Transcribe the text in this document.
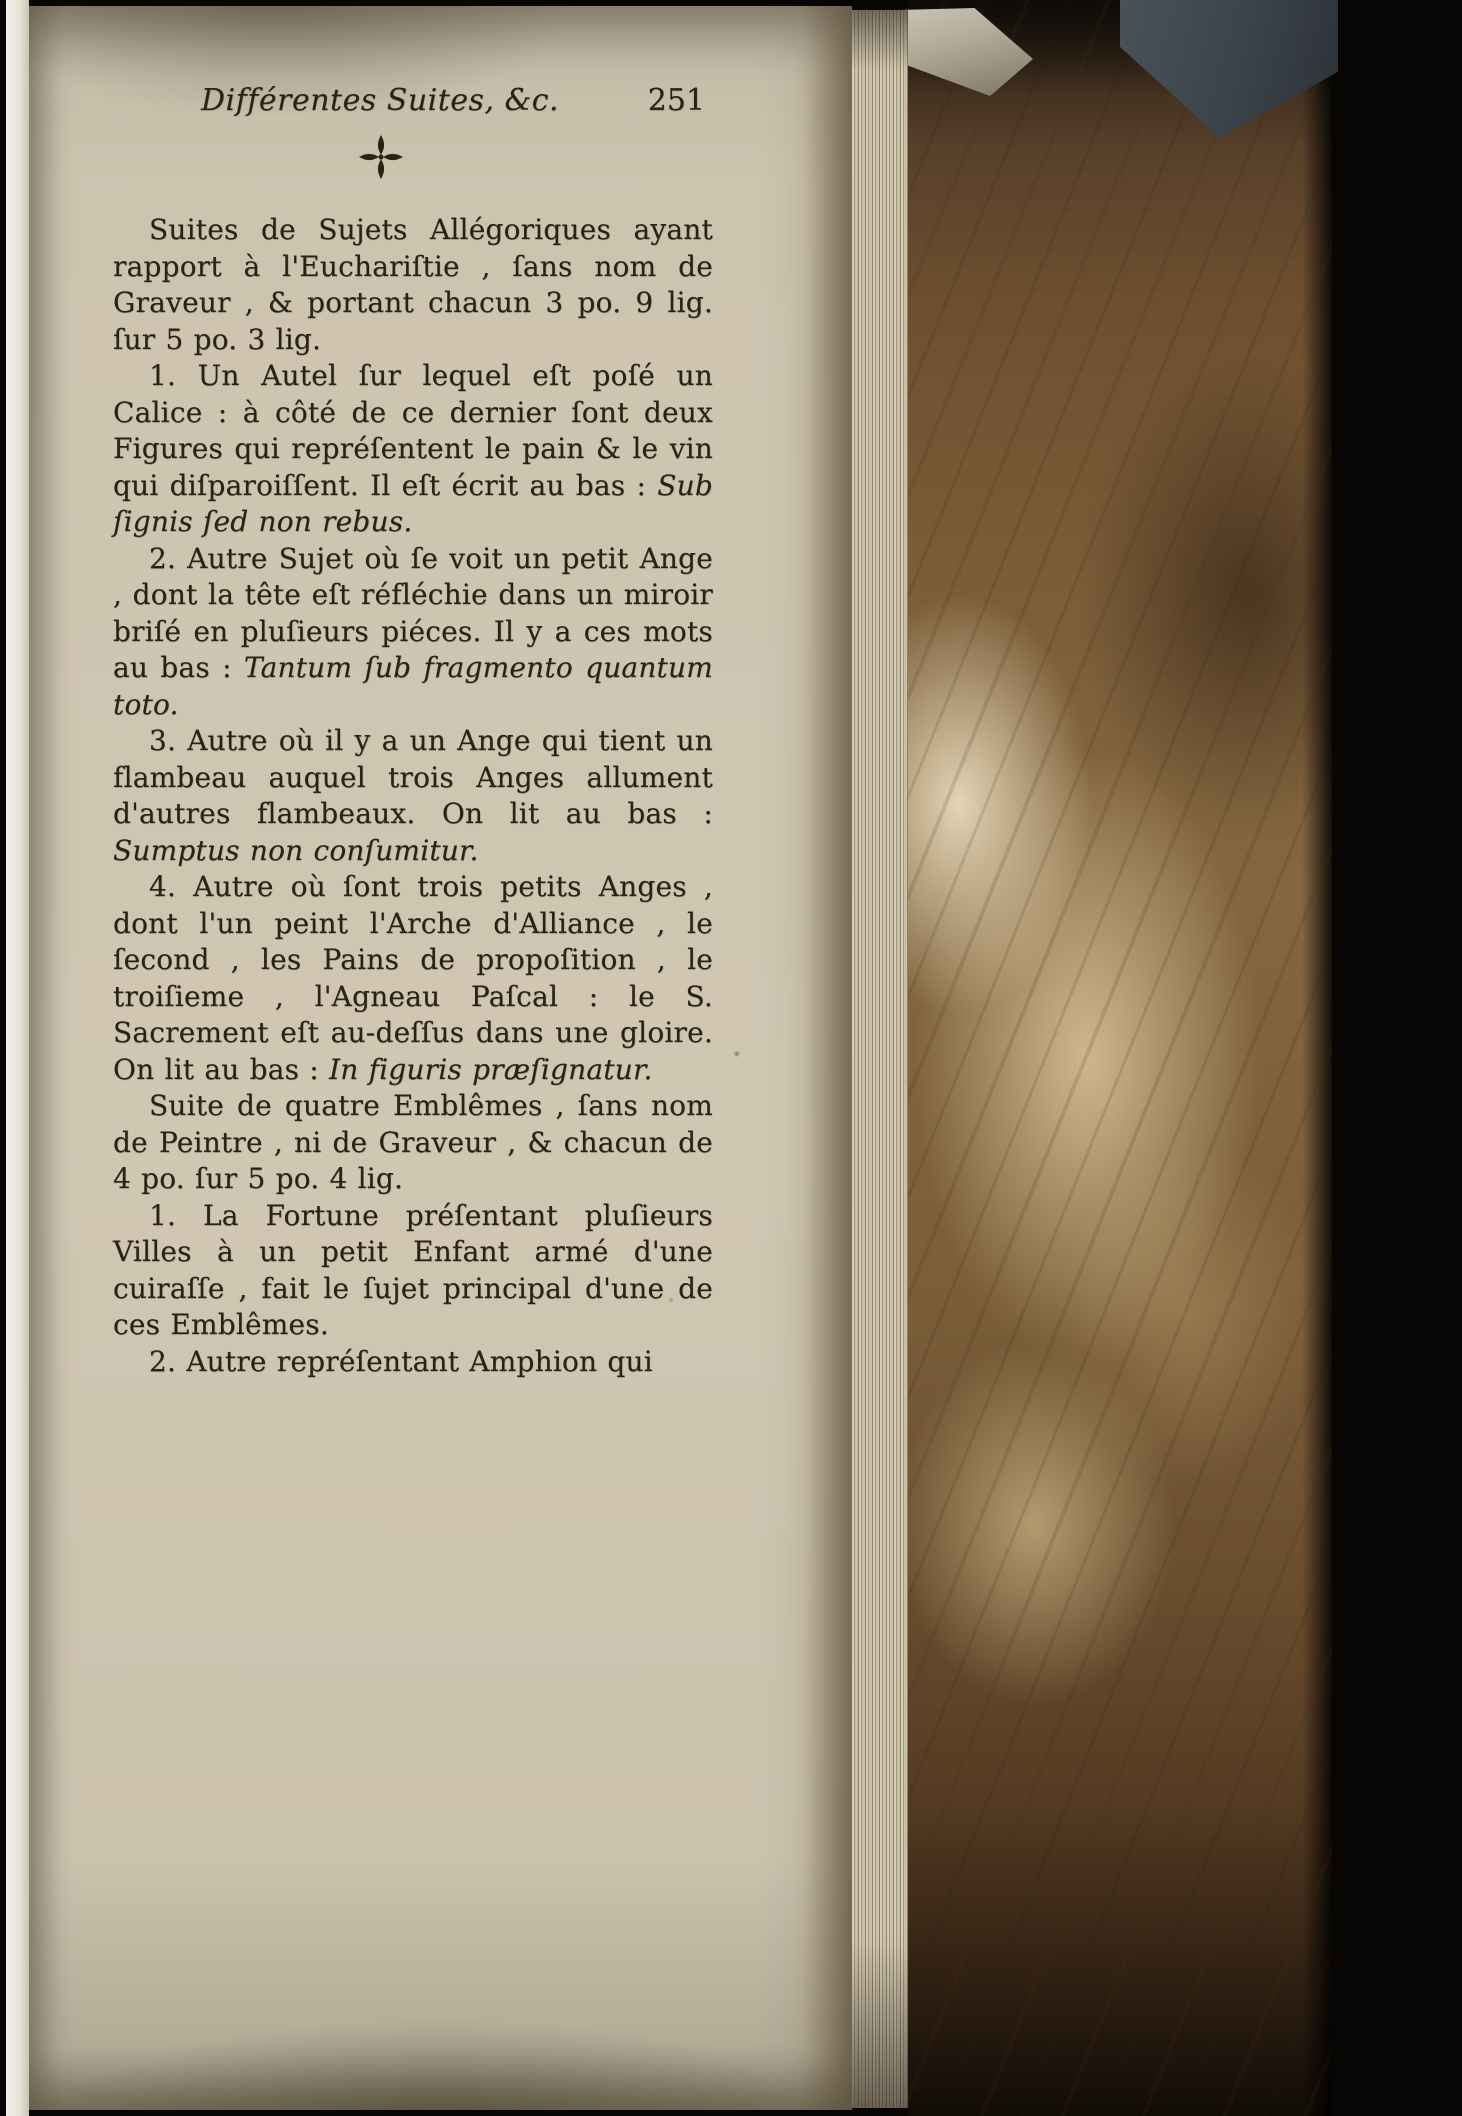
Différentes Suites, &c.	251

Suites de Sujets Allégoriques ayant rapport à l'Euchariſtie , ſans nom de Graveur , & portant chacun 3 po. 9 lig. ſur 5 po. 3 lig.

1. Un Autel ſur lequel eſt poſé un Calice : à côté de ce dernier ſont deux Figures qui repréſentent le pain & le vin qui diſparoiſſent. Il eſt écrit au bas : Sub ſignis ſed non rebus.

2. Autre Sujet où ſe voit un petit Ange , dont la tête eſt réfléchie dans un miroir briſé en pluſieurs piéces. Il y a ces mots au bas : Tantum ſub fragmento quantum toto.

3. Autre où il y a un Ange qui tient un flambeau auquel trois Anges allument d'autres flambeaux. On lit au bas : Sumptus non conſumitur.

4. Autre où ſont trois petits Anges , dont l'un peint l'Arche d'Alliance , le ſecond , les Pains de propoſition , le troiſieme , l'Agneau Paſcal : le S. Sacrement eſt au-deſſus dans une gloire. On lit au bas : In figuris præſignatur.

Suite de quatre Emblêmes , ſans nom de Peintre , ni de Graveur , & chacun de 4 po. ſur 5 po. 4 lig.

1. La Fortune préſentant pluſieurs Villes à un petit Enfant armé d'une cuiraſſe , fait le ſujet principal d'une de ces Emblêmes.

2. Autre repréſentant Amphion qui
